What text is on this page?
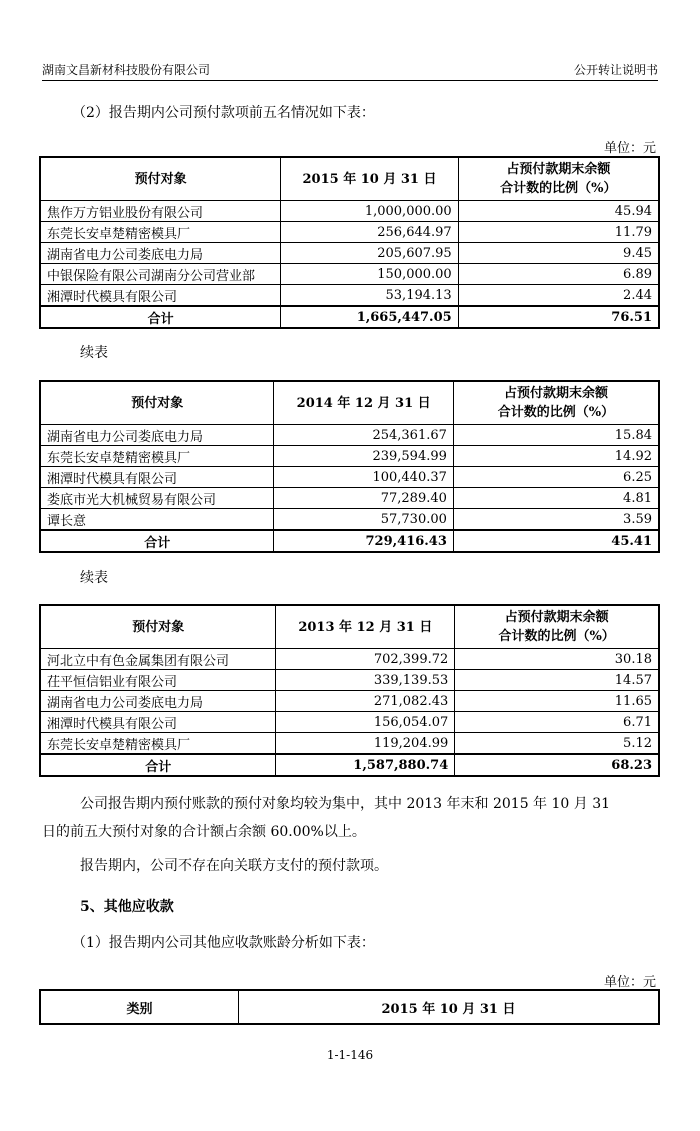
湖南文昌新材科技股份有限公司	公开转让说明书
（2）报告期内公司预付款项前五名情况如下表：
单位：元
预付对象	2015 年 10 月 31 日	占预付款期末余额
合计数的比例（%）
焦作万方铝业股份有限公司	1,000,000.00	45.94
东莞长安卓楚精密模具厂	256,644.97	11.79
湖南省电力公司娄底电力局	205,607.95	9.45
中银保险有限公司湖南分公司营业部	150,000.00	6.89
湘潭时代模具有限公司	53,194.13	2.44
合计	1,665,447.05	76.51
续表
预付对象	2014 年 12 月 31 日	占预付款期末余额
合计数的比例（%）
湖南省电力公司娄底电力局	254,361.67	15.84
东莞长安卓楚精密模具厂	239,594.99	14.92
湘潭时代模具有限公司	100,440.37	6.25
娄底市光大机械贸易有限公司	77,289.40	4.81
谭长意	57,730.00	3.59
合计	729,416.43	45.41
续表
预付对象	2013 年 12 月 31 日	占预付款期末余额
合计数的比例（%）
河北立中有色金属集团有限公司	702,399.72	30.18
茌平恒信铝业有限公司	339,139.53	14.57
湖南省电力公司娄底电力局	271,082.43	11.65
湘潭时代模具有限公司	156,054.07	6.71
东莞长安卓楚精密模具厂	119,204.99	5.12
合计	1,587,880.74	68.23
公司报告期内预付账款的预付对象均较为集中，其中 2013 年末和 2015 年 10 月 31
日的前五大预付对象的合计额占余额 60.00%以上。
报告期内，公司不存在向关联方支付的预付款项。
5、其他应收款
（1）报告期内公司其他应收款账龄分析如下表：
单位：元
类别	2015 年 10 月 31 日
1-1-146
